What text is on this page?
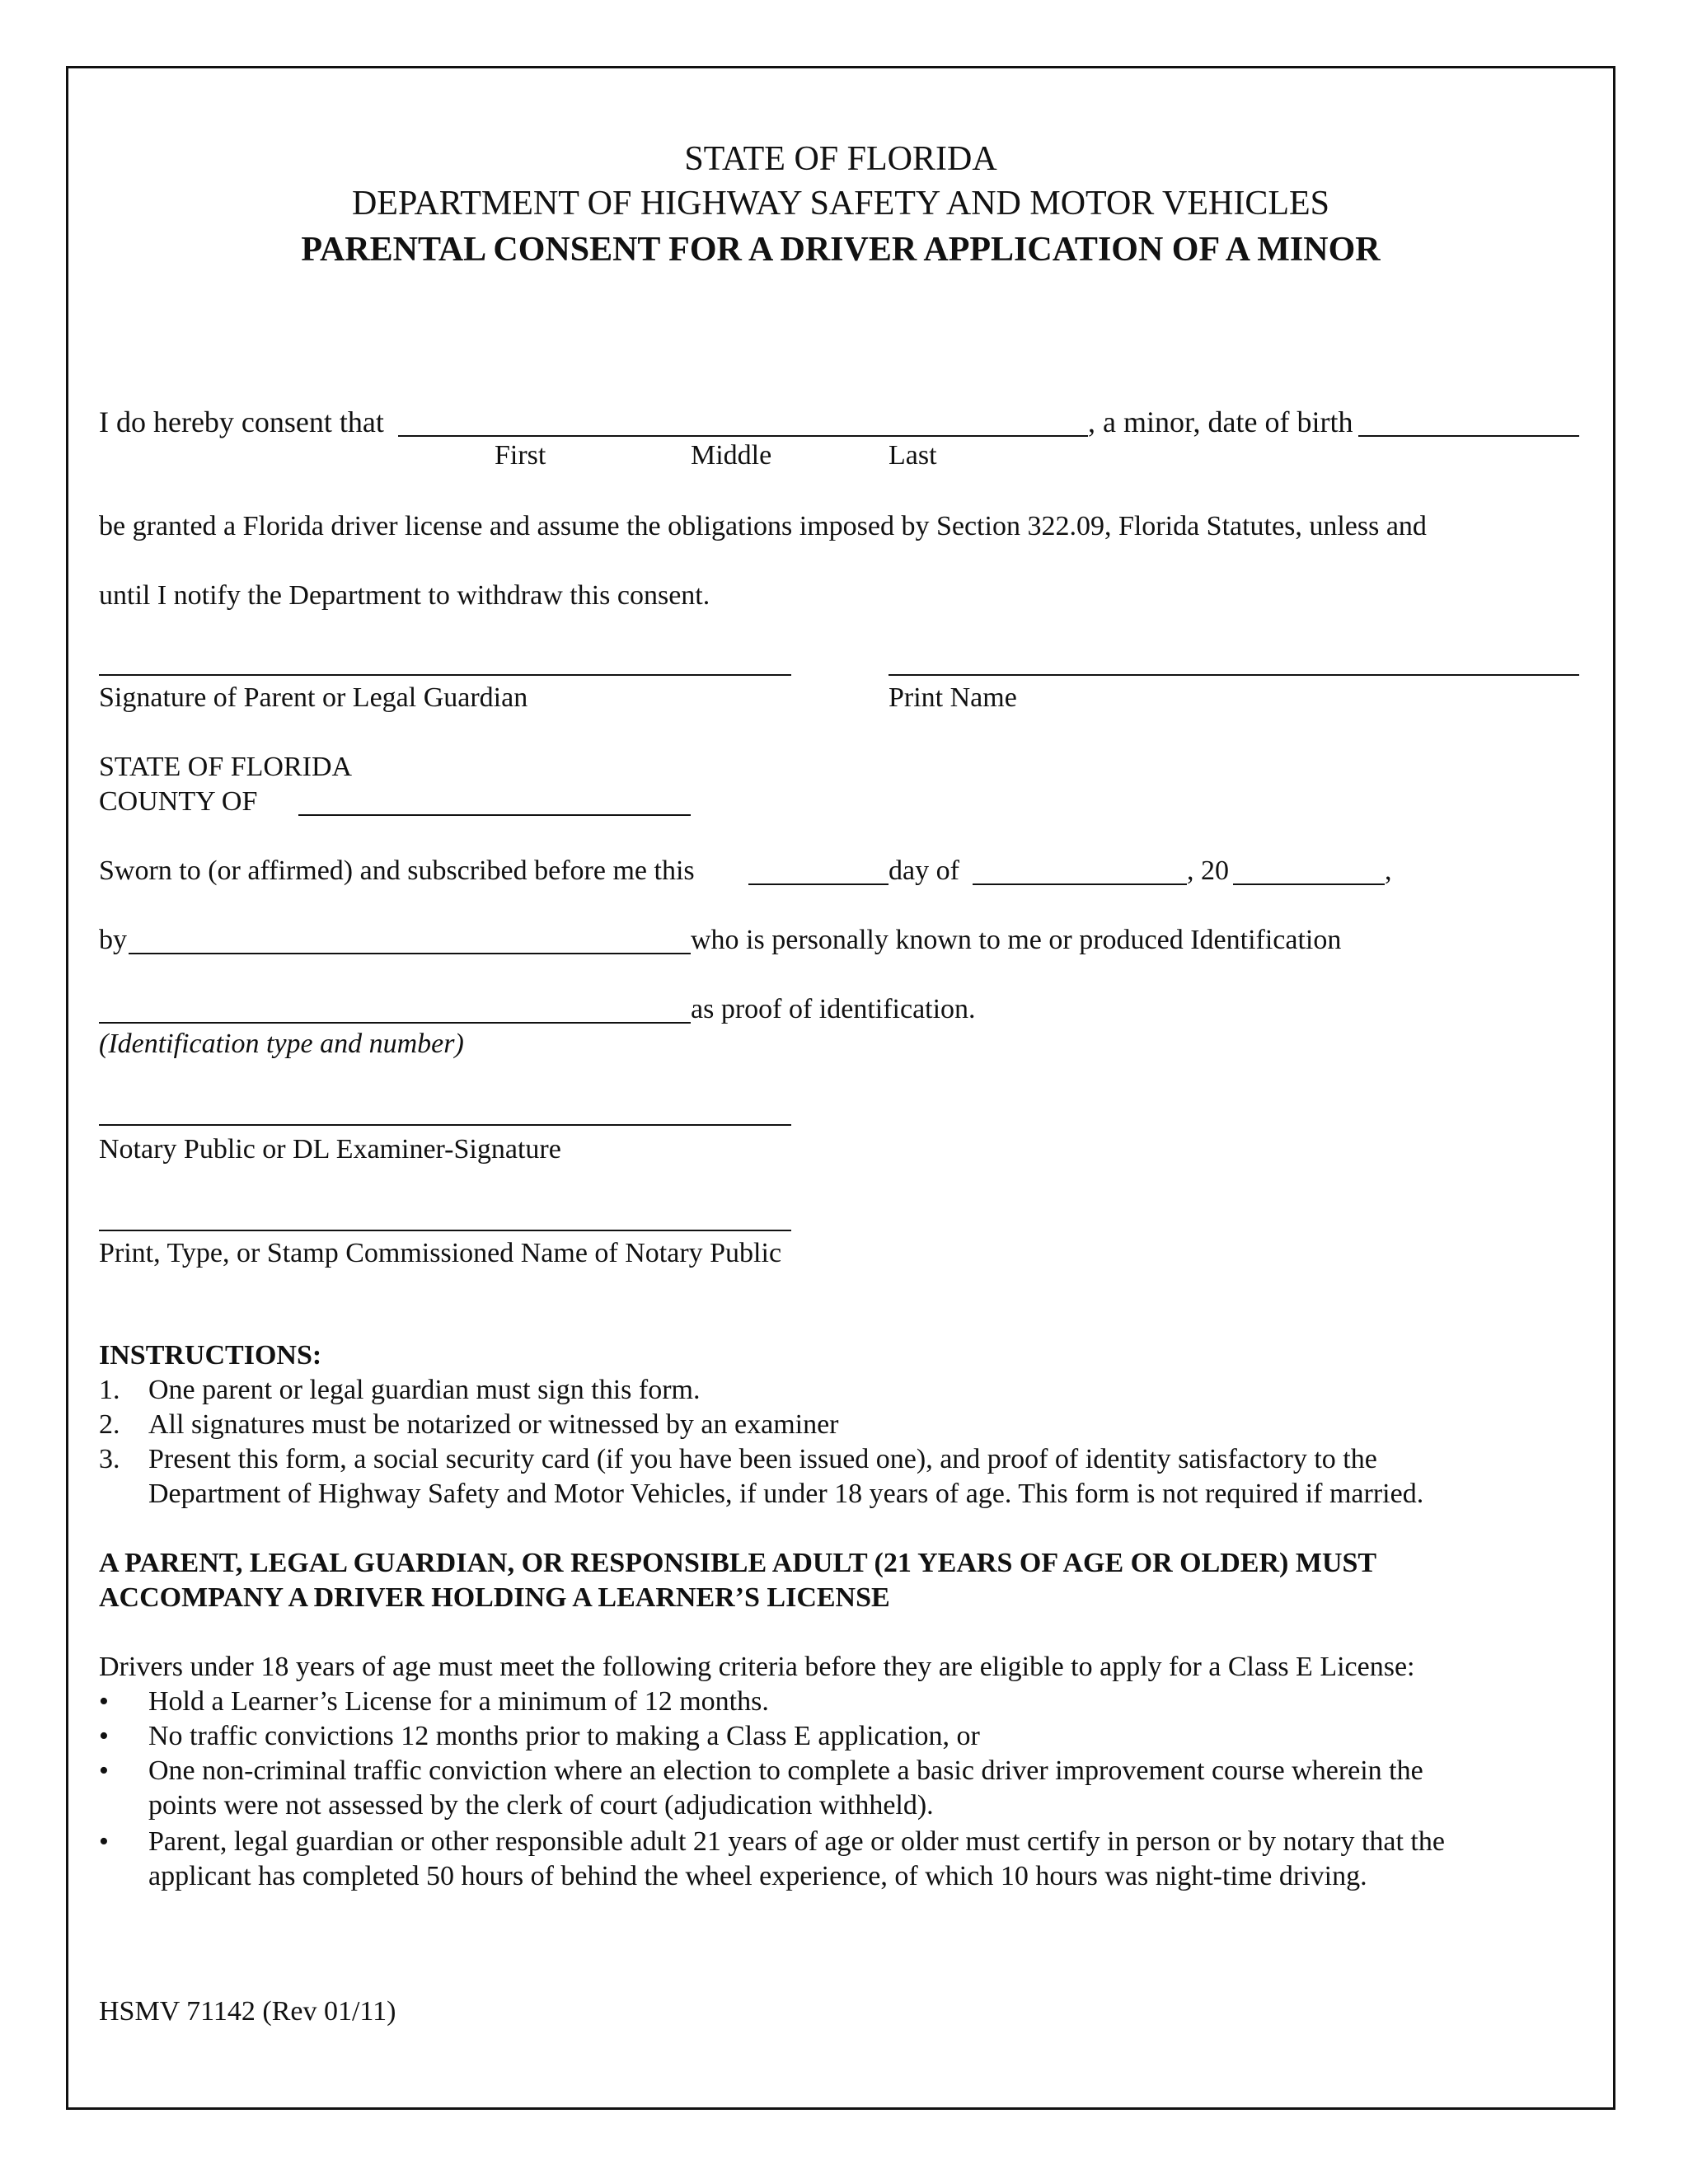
STATE OF FLORIDA
DEPARTMENT OF HIGHWAY SAFETY AND MOTOR VEHICLES
PARENTAL CONSENT FOR A DRIVER APPLICATION OF A MINOR
I do hereby consent that	, a minor, date of birth
First	Middle	Last
be granted a Florida driver license and assume the obligations imposed by Section 322.09, Florida Statutes, unless and
until I notify the Department to withdraw this consent.
Signature of Parent or Legal Guardian	Print Name
STATE OF FLORIDA
COUNTY OF
Sworn to (or affirmed) and subscribed before me this	day of	, 20	,
by	who is personally known to me or produced Identification
as proof of identification.
(Identification type and number)
Notary Public or DL Examiner-Signature
Print, Type, or Stamp Commissioned Name of Notary Public
INSTRUCTIONS:
1. One parent or legal guardian must sign this form.
2. All signatures must be notarized or witnessed by an examiner
3. Present this form, a social security card (if you have been issued one), and proof of identity satisfactory to the
Department of Highway Safety and Motor Vehicles, if under 18 years of age. This form is not required if married.
A PARENT, LEGAL GUARDIAN, OR RESPONSIBLE ADULT (21 YEARS OF AGE OR OLDER) MUST
ACCOMPANY A DRIVER HOLDING A LEARNER’S LICENSE
Drivers under 18 years of age must meet the following criteria before they are eligible to apply for a Class E License:
• Hold a Learner’s License for a minimum of 12 months.
• No traffic convictions 12 months prior to making a Class E application, or
• One non-criminal traffic conviction where an election to complete a basic driver improvement course wherein the
points were not assessed by the clerk of court (adjudication withheld).
• Parent, legal guardian or other responsible adult 21 years of age or older must certify in person or by notary that the
applicant has completed 50 hours of behind the wheel experience, of which 10 hours was night-time driving.
HSMV 71142 (Rev 01/11)
